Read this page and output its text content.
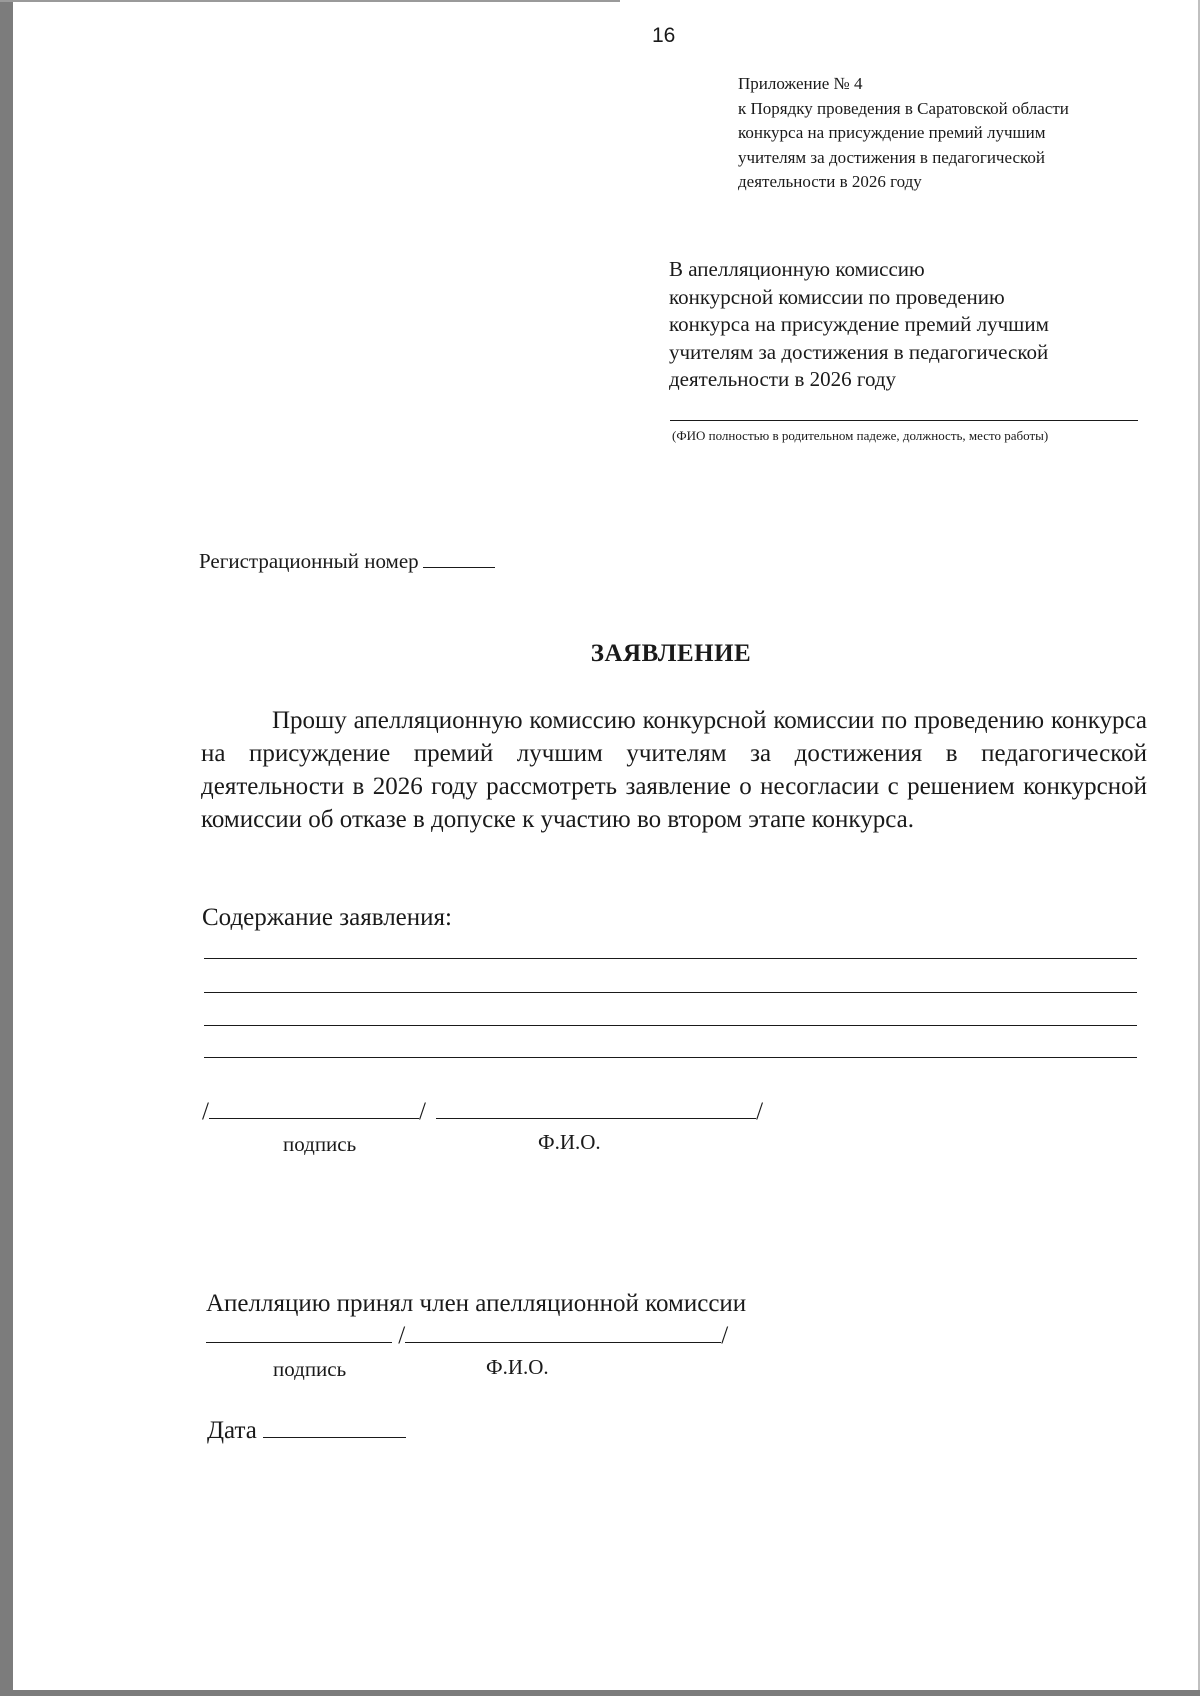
16
Приложение № 4
к Порядку проведения в Саратовской области
конкурса на присуждение премий лучшим
учителям за достижения в педагогической
деятельности в 2026 году
В апелляционную комиссию
конкурсной комиссии по проведению
конкурса на присуждение премий лучшим
учителям за достижения в педагогической
деятельности в 2026 году
(ФИО полностью в родительном падеже, должность, место работы)
Регистрационный номер
ЗАЯВЛЕНИЕ
Прошу апелляционную комиссию конкурсной комиссии по проведению конкурса на присуждение премий лучшим учителям за достижения в педагогической деятельности в 2026 году рассмотреть заявление о несогласии с решением конкурсной комиссии об отказе в допуске к участию во втором этапе конкурса.
Содержание заявления:
/	/	/
подпись	Ф.И.О.
Апелляцию принял член апелляционной комиссии
/	/
подпись	Ф.И.О.
Дата
